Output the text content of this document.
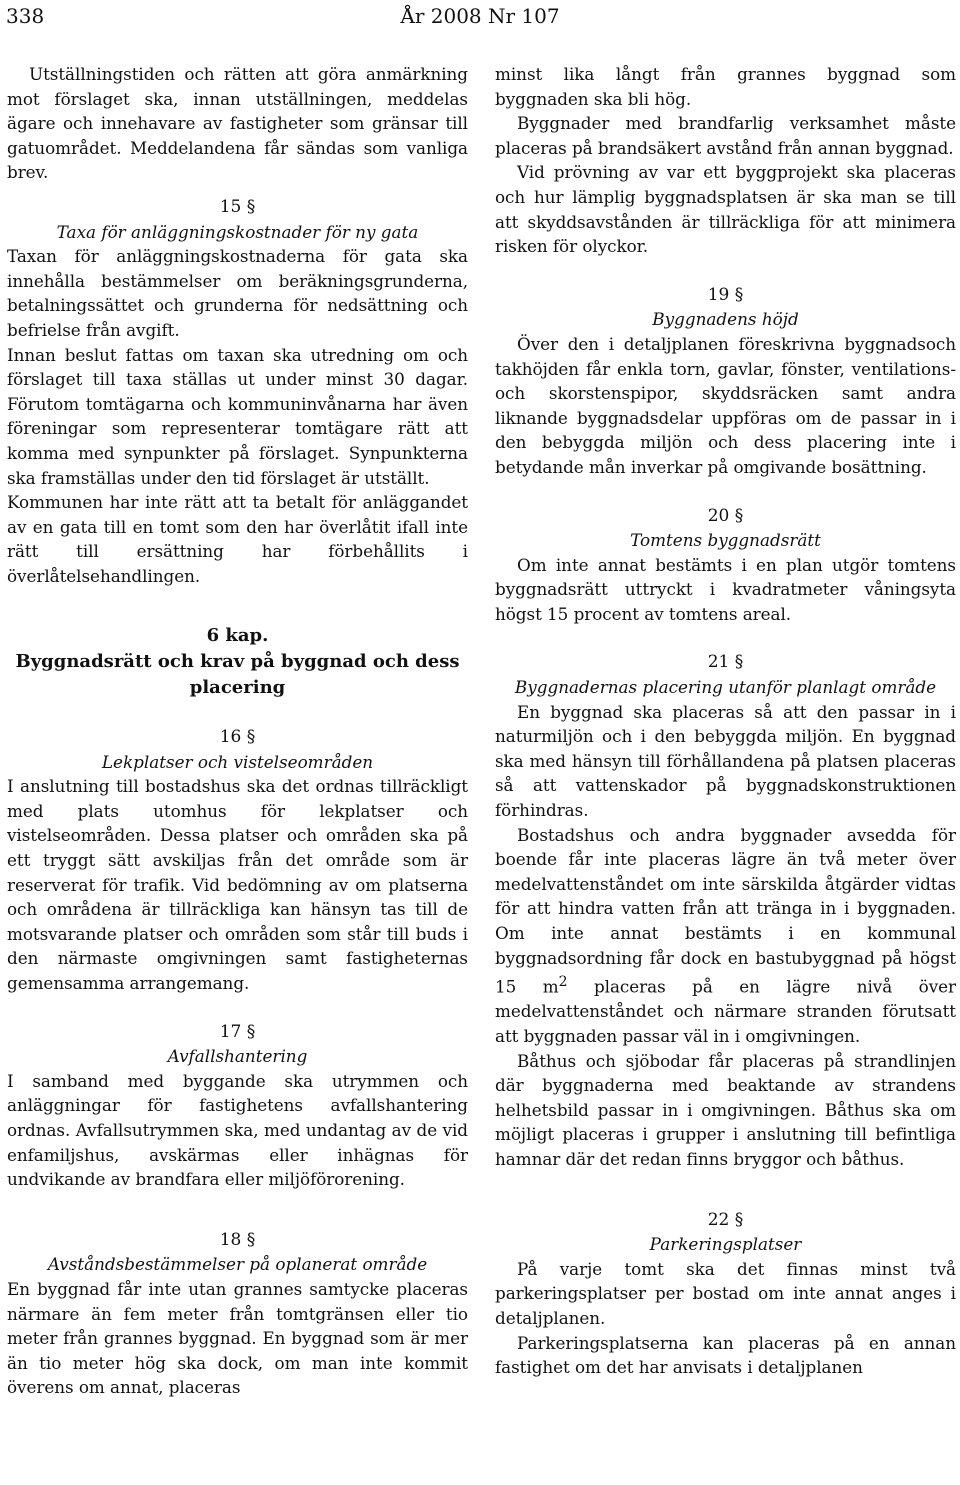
338	År 2008 Nr 107

Utställningstiden och rätten att göra anmärkning mot förslaget ska, innan utställningen, meddelas ägare och innehavare av fastigheter som gränsar till gatuområdet. Meddelandena får sändas som vanliga brev.

15 §
Taxa för anläggningskostnader för ny gata

Taxan för anläggningskostnaderna för gata ska innehålla bestämmelser om beräkningsgrunderna, betalningssättet och grunderna för nedsättning och befrielse från avgift.

Innan beslut fattas om taxan ska utredning om och förslaget till taxa ställas ut under minst 30 dagar. Förutom tomtägarna och kommuninvånarna har även föreningar som representerar tomtägare rätt att komma med synpunkter på förslaget. Synpunkterna ska framställas under den tid förslaget är utställt.

Kommunen har inte rätt att ta betalt för anläggandet av en gata till en tomt som den har överlåtit ifall inte rätt till ersättning har förbehållits i överlåtelsehandlingen.

6 kap.
Byggnadsrätt och krav på byggnad och dess placering
16 §
Lekplatser och vistelseområden

I anslutning till bostadshus ska det ordnas tillräckligt med plats utomhus för lekplatser och vistelseområden. Dessa platser och områden ska på ett tryggt sätt avskiljas från det område som är reserverat för trafik. Vid bedömning av om platserna och områdena är tillräckliga kan hänsyn tas till de motsvarande platser och områden som står till buds i den närmaste omgivningen samt fastigheternas gemensamma arrangemang.

17 §
Avfallshantering

I samband med byggande ska utrymmen och anläggningar för fastighetens avfallshantering ordnas. Avfallsutrymmen ska, med undantag av de vid enfamiljshus, avskärmas eller inhägnas för undvikande av brandfara eller miljöförorening.

18 §
Avståndsbestämmelser på oplanerat område

En byggnad får inte utan grannes samtycke placeras närmare än fem meter från tomtgränsen eller tio meter från grannes byggnad. En byggnad som är mer än tio meter hög ska dock, om man inte kommit överens om annat, placeras

minst lika långt från grannes byggnad som byggnaden ska bli hög.

Byggnader med brandfarlig verksamhet måste placeras på brandsäkert avstånd från annan byggnad.

Vid prövning av var ett byggprojekt ska placeras och hur lämplig byggnadsplatsen är ska man se till att skyddsavstånden är tillräckliga för att minimera risken för olyckor.

19 §
Byggnadens höjd

Över den i detaljplanen föreskrivna byggnadsoch takhöjden får enkla torn, gavlar, fönster, ventilations- och skorstenspipor, skyddsräcken samt andra liknande byggnadsdelar uppföras om de passar in i den bebyggda miljön och dess placering inte i betydande mån inverkar på omgivande bosättning.

20 §
Tomtens byggnadsrätt

Om inte annat bestämts i en plan utgör tomtens byggnadsrätt uttryckt i kvadratmeter våningsyta högst 15 procent av tomtens areal.

21 §
Byggnadernas placering utanför planlagt område

En byggnad ska placeras så att den passar in i naturmiljön och i den bebyggda miljön. En byggnad ska med hänsyn till förhållandena på platsen placeras så att vattenskador på byggnadskonstruktionen förhindras.

Bostadshus och andra byggnader avsedda för boende får inte placeras lägre än två meter över medelvattenståndet om inte särskilda åtgärder vidtas för att hindra vatten från att tränga in i byggnaden. Om inte annat bestämts i en kommunal byggnadsordning får dock en bastubyggnad på högst 15 $m^2$ placeras på en lägre nivå över medelvattenståndet och närmare stranden förutsatt att byggnaden passar väl in i omgivningen.

Båthus och sjöbodar får placeras på strandlinjen där byggnaderna med beaktande av strandens helhetsbild passar in i omgivningen. Båthus ska om möjligt placeras i grupper i anslutning till befintliga hamnar där det redan finns bryggor och båthus.

22 §
Parkeringsplatser

På varje tomt ska det finnas minst två parkeringsplatser per bostad om inte annat anges i detaljplanen.

Parkeringsplatserna kan placeras på en annan fastighet om det har anvisats i detaljplanen
